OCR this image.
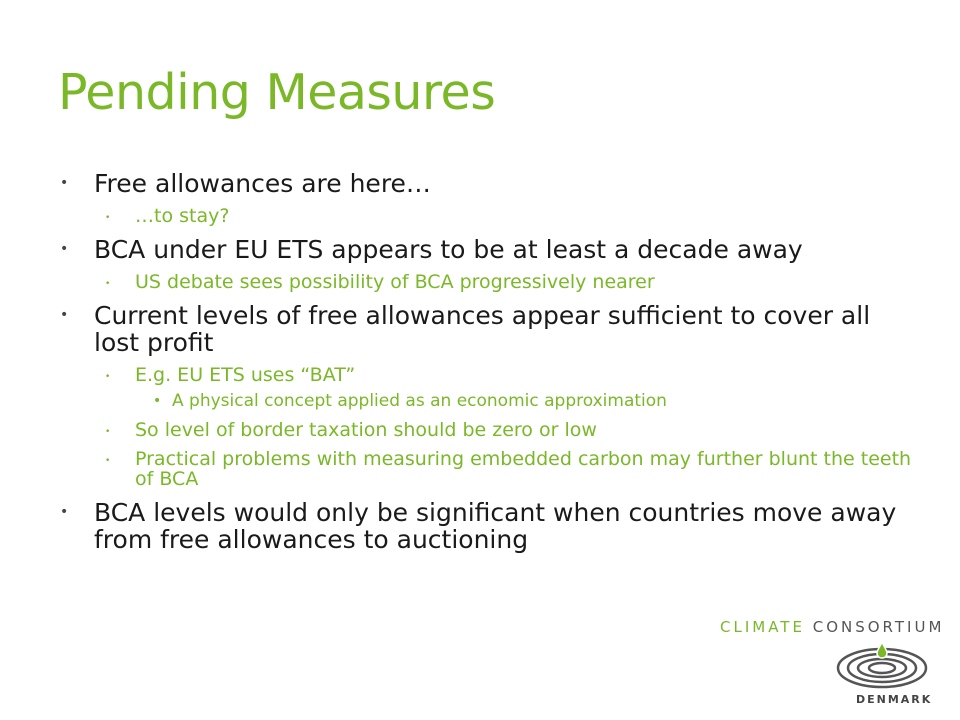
Pending Measures
• Free allowances are here…
• …to stay?
• BCA under EU ETS appears to be at least a decade away
• US debate sees possibility of BCA progressively nearer
• Current levels of free allowances appear sufficient to cover all lost profit
• E.g. EU ETS uses “BAT”
• A physical concept applied as an economic approximation
• So level of border taxation should be zero or low
• Practical problems with measuring embedded carbon may further blunt the teeth of BCA
• BCA levels would only be significant when countries move away from free allowances to auctioning
CLIMATE CONSORTIUM
DENMARK
